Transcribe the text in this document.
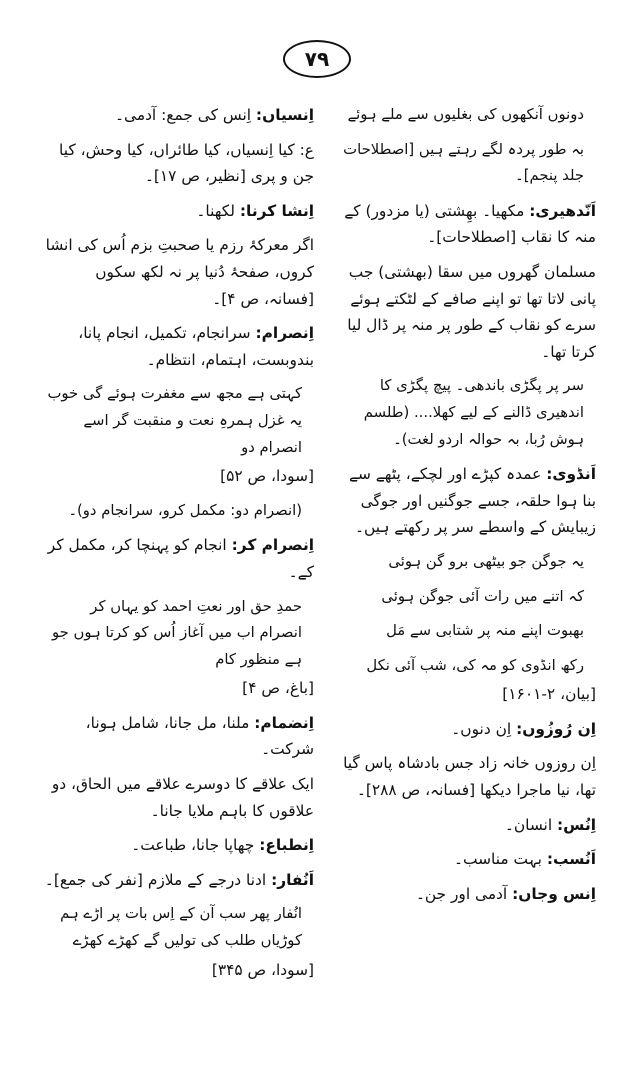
۷۹
دونوں آنکھوں کی بغلیوں سے ملے ہوئے
بہ طور پردہ لگے رہتے ہیں [اصطلاحات جلد پنجم]۔
اَنّدھیری: مکھیا۔ بھِشتی (یا مزدور) کے منہ کا نقاب [اصطلاحات]۔
مسلمان گھروں میں سقا (بھشتی) جب پانی لاتا تھا تو اپنے صافے کے لٹکتے ہوئے سرے کو نقاب کے طور پر منہ پر ڈال لیا کرتا تھا۔
سر پر پگڑی باندھی۔ پیچ پگڑی کا اندھیری ڈالنے کے لیے کھلا.... (طلسم ہوش رُبا، بہ حوالہ اردو لغت)۔
اَنڈوی: عمدہ کپڑے اور لچکے، پٹھے سے بنا ہوا حلقہ، جسے جوگنیں اور جوگی زیبایش کے واسطے سر پر رکھتے ہیں۔
یہ جوگن جو بیٹھی برو گن ہوئی
کہ اتنے میں رات آئی جوگن ہوئی
بھبوت اپنے منہ پر شتابی سے مَل
رکھ انڈوی کو مہ کی، شب آئی نکل
[بیان، ۲-۱۶۰۱]
اِن رُوزُوں: اِن دنوں۔
اِن روزوں خانہ زاد جس بادشاہ پاس گیا تھا، نیا ماجرا دیکھا [فسانہ، ص ۲۸۸]۔
اِنُس: انسان۔
اَنُسب: بہت مناسب۔
اِنس وجاں: آدمی اور جن۔
اِنسیاں: اِنس کی جمع: آدمی۔
ع: کیا اِنسیاں، کیا طائراں، کیا وحش، کیا جن و پری [نظیر، ص ۱۷]۔
اِنشا کرنا: لکھنا۔
اگر معرکۂ رزم یا صحبتِ بزم اُس کی انشا کروں، صفحۂ دُنیا پر نہ لکھ سکوں [فسانہ، ص ۴]۔
اِنصرام: سرانجام، تکمیل، انجام پانا، بندوبست، اہتمام، انتظام۔
کہتی ہے مجھ سے مغفرت ہوئے گی خوب یہ غزل ہمرہِ نعت و منقبت گر اسے انصرام دو
[سودا، ص ۵۲]
(انصرام دو: مکمل کرو، سرانجام دو)۔
اِنصرام کر: انجام کو پہنچا کر، مکمل کر کے۔
حمدِ حق اور نعتِ احمد کو یہاں کر انصرام اب میں آغاز اُس کو کرتا ہوں جو ہے منظور کام
[باغ، ص ۴]
اِنضمام: ملنا، مل جانا، شامل ہونا، شرکت۔
ایک علاقے کا دوسرے علاقے میں الحاق، دو علاقوں کا باہم ملایا جانا۔
اِنطباع: چھاپا جانا، طباعت۔
اَنُفار: ادنا درجے کے ملازم [نفر کی جمع]۔
انُفار پھر سب آن کے اِس بات پر اڑے ہم کوڑیاں طلب کی تولیں گے کھڑے کھڑے
[سودا، ص ۳۴۵]
